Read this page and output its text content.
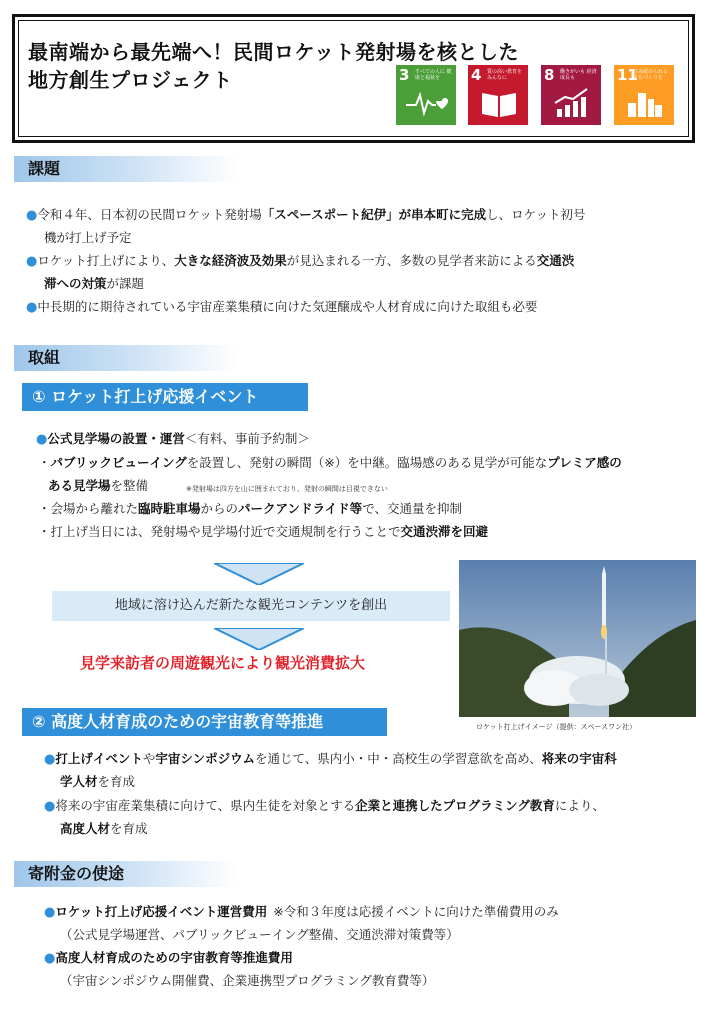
最南端から最先端へ！民間ロケット発射場を核とした
地方創生プロジェクト	3	すべての人に 健康と福祉を	4	質の高い教育を みんなに	8	働きがいも 経済成長も	11
住み続けられる まちづくりを
課題
●令和４年、日本初の民間ロケット発射場「スペースポート紀伊」が串本町に完成し、ロケット初号
機が打上げ予定
●ロケット打上げにより、大きな経済波及効果が見込まれる一方、多数の見学者来訪による交通渋
滞への対策が課題
●中長期的に期待されている宇宙産業集積に向けた気運醸成や人材育成に向けた取組も必要
取組
① ロケット打上げ応援イベント
●公式見学場の設置・運営＜有料、事前予約制＞
・パブリックビューイングを設置し、発射の瞬間（※）を中継。臨場感のある見学が可能なプレミア感の
ある見学場を整備	※発射場は四方を山に囲まれており、発射の瞬間は目視できない
・会場から離れた臨時駐車場からのパークアンドライド等で、交通量を抑制
・打上げ当日には、発射場や見学場付近で交通規制を行うことで交通渋滞を回避
地域に溶け込んだ新たな観光コンテンツを創出
見学来訪者の周遊観光により観光消費拡大
ロケット打上げイメージ（提供：スペースワン社）
② 高度人材育成のための宇宙教育等推進
●打上げイベントや宇宙シンポジウムを通じて、県内小・中・高校生の学習意欲を高め、将来の宇宙科
学人材を育成
●将来の宇宙産業集積に向けて、県内生徒を対象とする企業と連携したプログラミング教育により、
高度人材を育成
寄附金の使途
●ロケット打上げ応援イベント運営費用 ※令和３年度は応援イベントに向けた準備費用のみ
（公式見学場運営、パブリックビューイング整備、交通渋滞対策費等）
●高度人材育成のための宇宙教育等推進費用
（宇宙シンポジウム開催費、企業連携型プログラミング教育費等）
